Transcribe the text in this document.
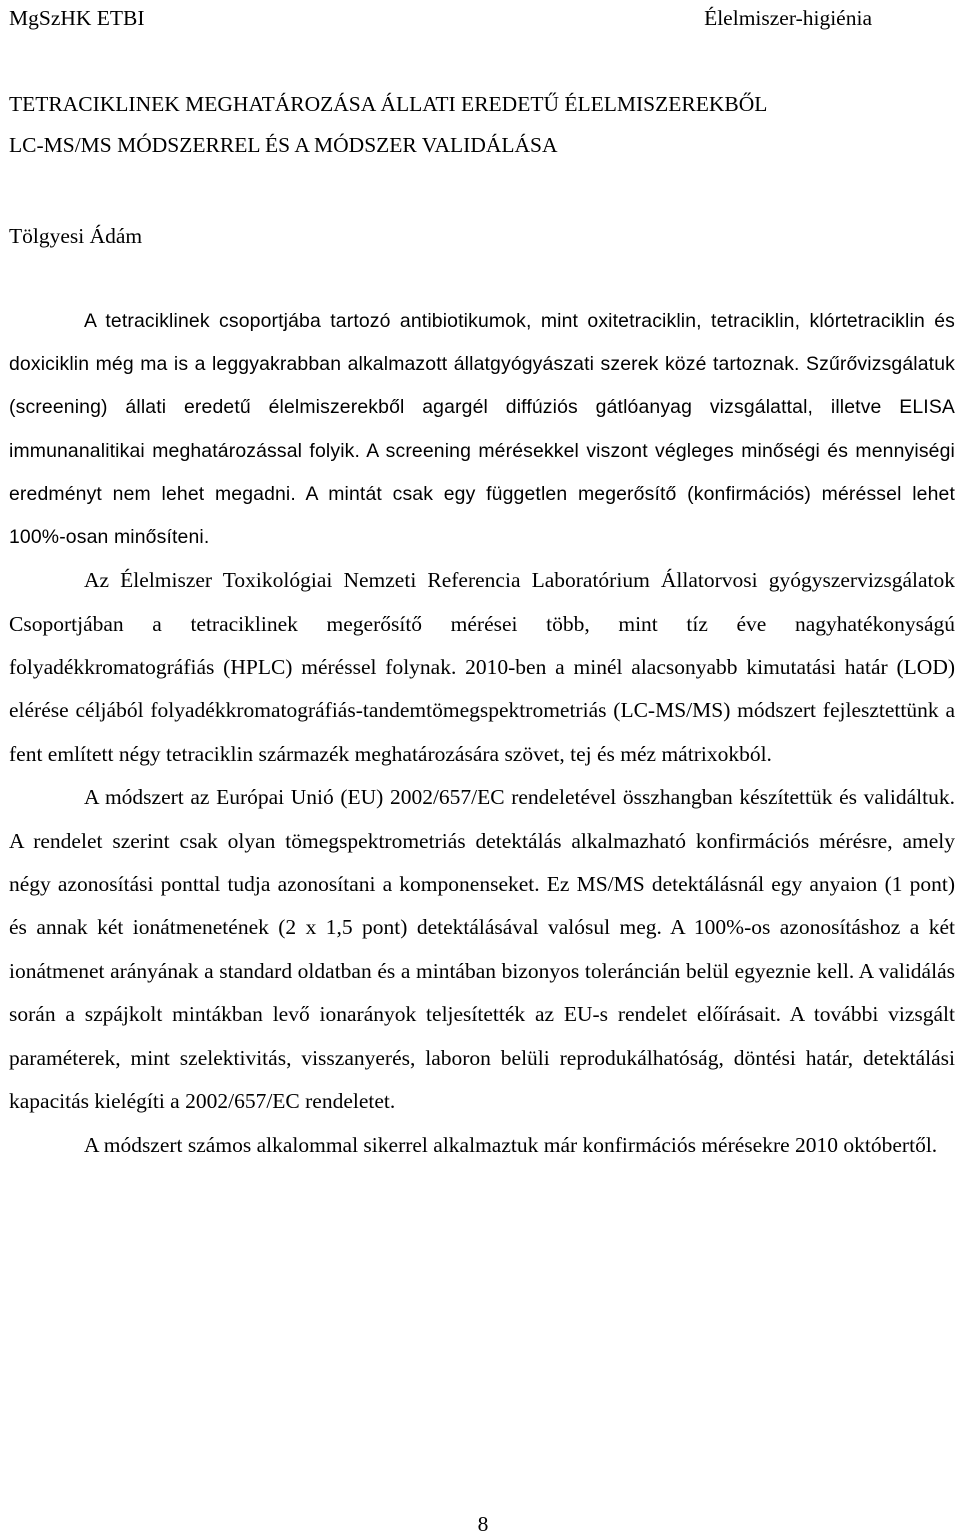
MgSzHK ETBI	Élelmiszer-higiénia
TETRACIKLINEK MEGHATÁROZÁSA ÁLLATI EREDETŰ ÉLELMISZEREKBŐL
LC-MS/MS MÓDSZERREL ÉS A MÓDSZER VALIDÁLÁSA
Tölgyesi Ádám

A tetraciklinek csoportjába tartozó antibiotikumok, mint oxitetraciklin, tetraciklin, klórtetraciklin és doxiciklin még ma is a leggyakrabban alkalmazott állatgyógyászati szerek közé tartoznak. Szűrővizsgálatuk (screening) állati eredetű élelmiszerekből agargél diffúziós gátlóanyag vizsgálattal, illetve ELISA immunanalitikai meghatározással folyik. A screening mérésekkel viszont végleges minőségi és mennyiségi eredményt nem lehet megadni. A mintát csak egy független megerősítő (konfirmációs) méréssel lehet 100%-osan minősíteni.

Az Élelmiszer Toxikológiai Nemzeti Referencia Laboratórium Állatorvosi gyógyszervizsgálatok Csoportjában a tetraciklinek megerősítő mérései több, mint tíz éve nagyhatékonyságú folyadékkromatográfiás (HPLC) méréssel folynak. 2010-ben a minél alacsonyabb kimutatási határ (LOD) elérése céljából folyadékkromatográfiás-tandemtömegspektrometriás (LC-MS/MS) módszert fejlesztettünk a fent említett négy tetraciklin származék meghatározására szövet, tej és méz mátrixokból.

A módszert az Európai Unió (EU) 2002/657/EC rendeletével összhangban készítettük és validáltuk. A rendelet szerint csak olyan tömegspektrometriás detektálás alkalmazható konfirmációs mérésre, amely négy azonosítási ponttal tudja azonosítani a komponenseket. Ez MS/MS detektálásnál egy anyaion (1 pont) és annak két ionátmenetének (2 x 1,5 pont) detektálásával valósul meg. A 100%-os azonosításhoz a két ionátmenet arányának a standard oldatban és a mintában bizonyos toleráncián belül egyeznie kell. A validálás során a szpájkolt mintákban levő ionarányok teljesítették az EU-s rendelet előírásait. A további vizsgált paraméterek, mint szelektivitás, visszanyerés, laboron belüli reprodukálhatóság, döntési határ, detektálási kapacitás kielégíti a 2002/657/EC rendeletet.

A módszert számos alkalommal sikerrel alkalmaztuk már konfirmációs mérésekre 2010 októbertől.

8
